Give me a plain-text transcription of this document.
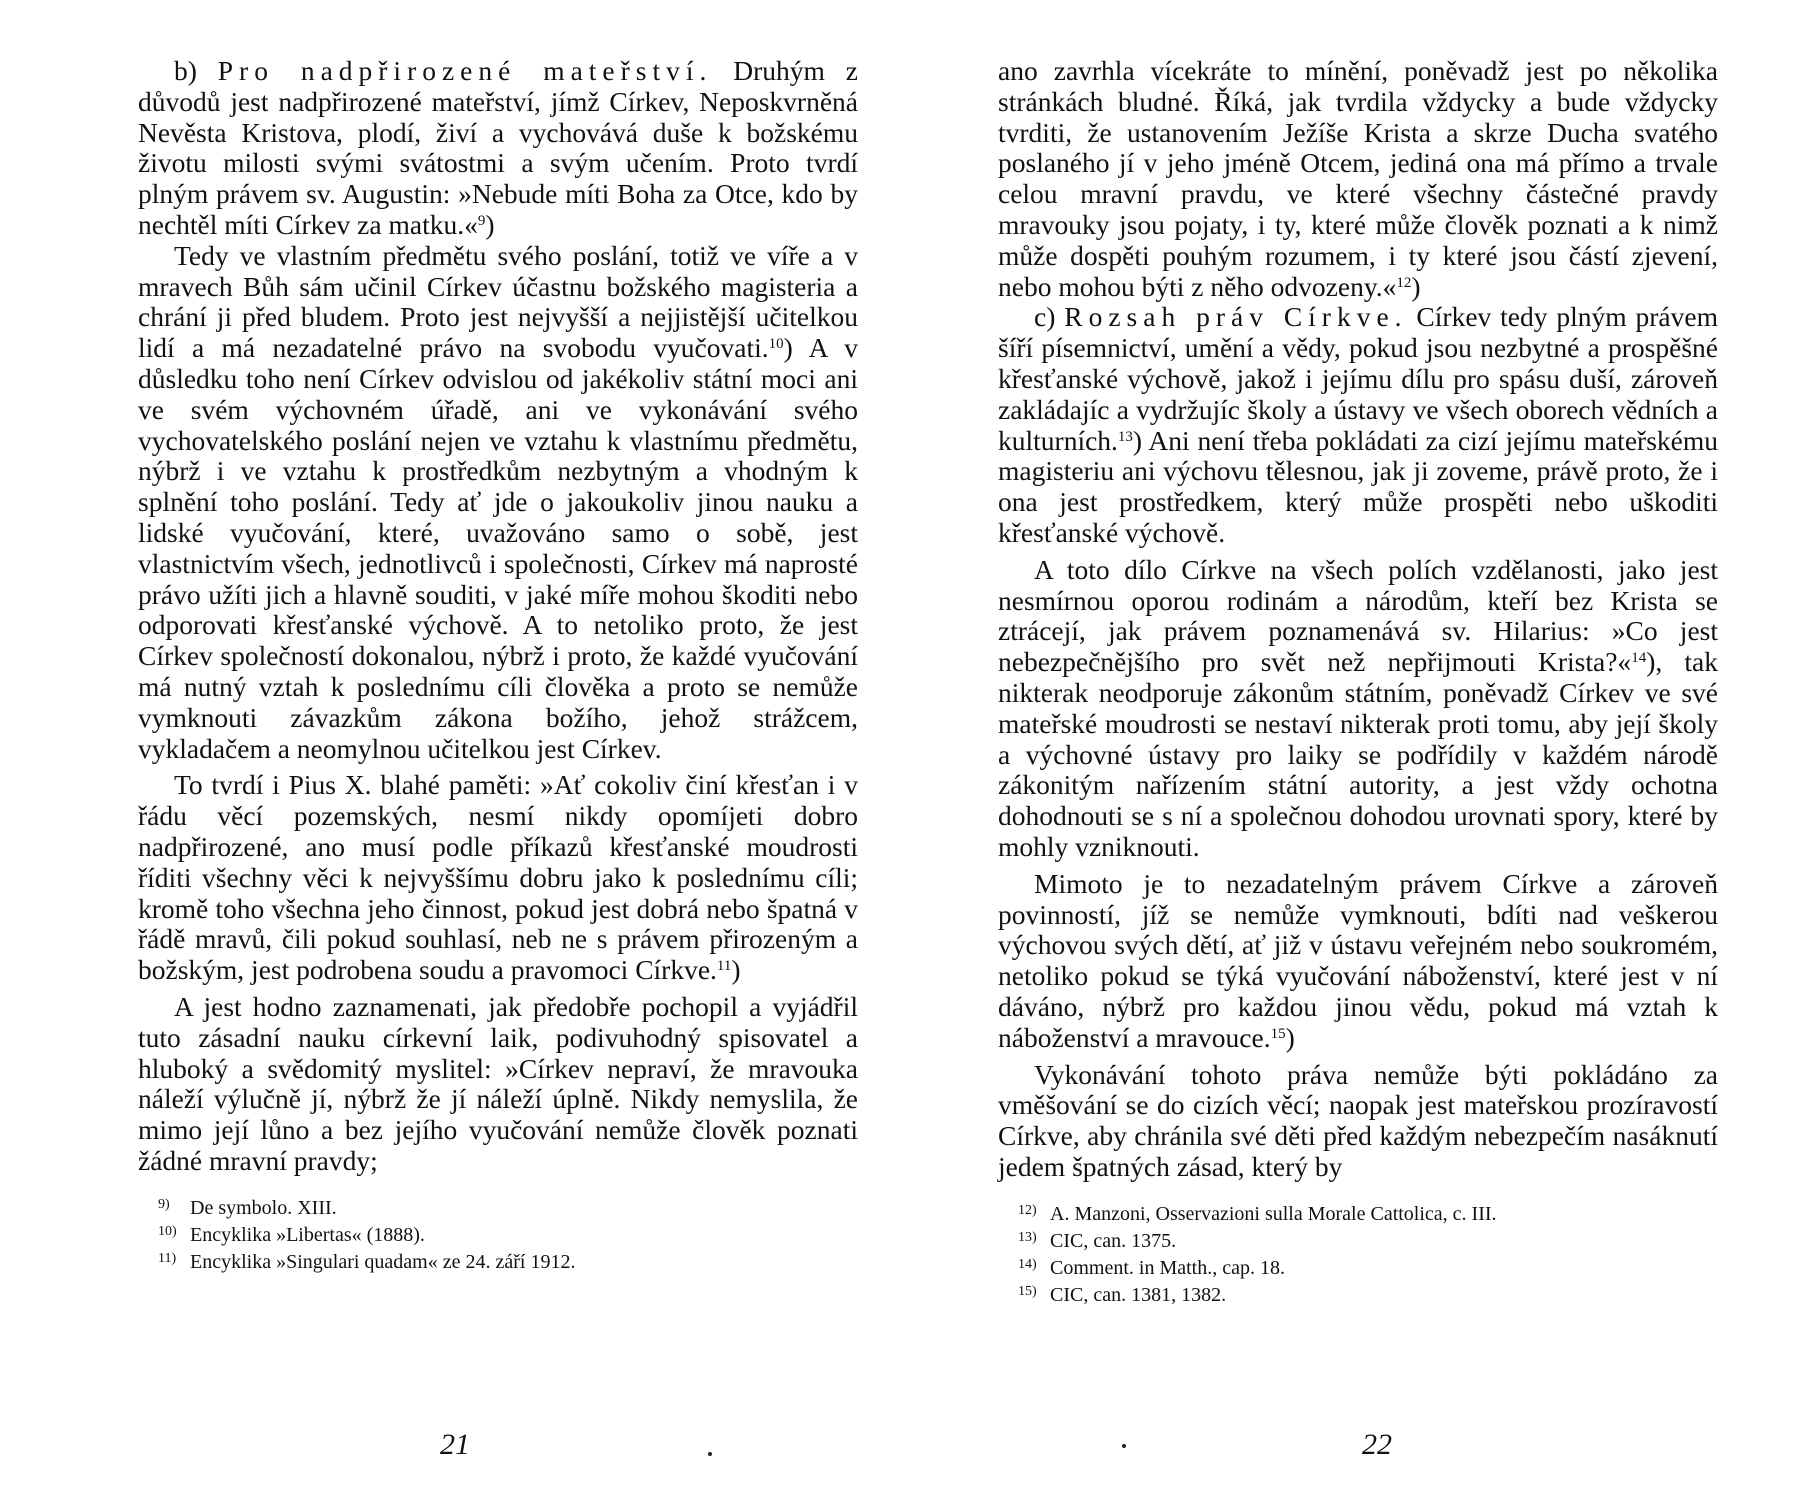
b) Pro nadpřirozené mateřství. Druhým z důvodů jest nadpřirozené mateřství, jímž Církev, Neposkvrněná Nevěsta Kristova, plodí, živí a vychovává duše k božskému životu milosti svými svátostmi a svým učením. Proto tvrdí plným právem sv. Augustin: »Nebude míti Boha za Otce, kdo by nechtěl míti Církev za matku.«$^9$)

Tedy ve vlastním předmětu svého poslání, totiž ve víře a v mravech Bůh sám učinil Církev účastnu božského magisteria a chrání ji před bludem. Proto jest nejvyšší a nejjistější učitelkou lidí a má nezadatelné právo na svobodu vyučovati.$^{10}$) A v důsledku toho není Církev odvislou od jakékoliv státní moci ani ve svém výchovném úřadě, ani ve vykonávání svého vychovatelského poslání nejen ve vztahu k vlastnímu předmětu, nýbrž i ve vztahu k prostředkům nezbytným a vhodným k splnění toho poslání. Tedy ať jde o jakoukoliv jinou nauku a lidské vyučování, které, uvažováno samo o sobě, jest vlastnictvím všech, jednotlivců i společnosti, Církev má naprosté právo užíti jich a hlavně souditi, v jaké míře mohou škoditi nebo odporovati křesťanské výchově. A to netoliko proto, že jest Církev společností dokonalou, nýbrž i proto, že každé vyučování má nutný vztah k poslednímu cíli člověka a proto se nemůže vymknouti závazkům zákona božího, jehož strážcem, vykladačem a neomylnou učitelkou jest Církev.

To tvrdí i Pius X. blahé paměti: »Ať cokoliv činí křesťan i v řádu věcí pozemských, nesmí nikdy opomíjeti dobro nadpřirozené, ano musí podle příkazů křesťanské moudrosti říditi všechny věci k nejvyššímu dobru jako k poslednímu cíli; kromě toho všechna jeho činnost, pokud jest dobrá nebo špatná v řádě mravů, čili pokud souhlasí, neb ne s právem přirozeným a božským, jest podrobena soudu a pravomoci Církve.$^{11}$)

A jest hodno zaznamenati, jak předobře pochopil a vyjádřil tuto zásadní nauku církevní laik, podivuhodný spisovatel a hluboký a svědomitý myslitel: »Církev nepraví, že mravouka náleží výlučně jí, nýbrž že jí náleží úplně. Nikdy nemyslila, že mimo její lůno a bez jejího vyučování nemůže člověk poznati žádné mravní pravdy;

9) De symbolo. XIII.
10) Encyklika »Libertas« (1888).
11) Encyklika »Singulari quadam« ze 24. září 1912.
21

ano zavrhla vícekráte to mínění, poněvadž jest po několika stránkách bludné. Říká, jak tvrdila vždycky a bude vždycky tvrditi, že ustanovením Ježíše Krista a skrze Ducha svatého poslaného jí v jeho jméně Otcem, jediná ona má přímo a trvale celou mravní pravdu, ve které všechny částečné pravdy mravouky jsou pojaty, i ty, které může člověk poznati a k nimž může dospěti pouhým rozumem, i ty které jsou částí zjevení, nebo mohou býti z něho odvozeny.«$^{12}$)

c) Rozsah práv Církve. Církev tedy plným právem šíří písemnictví, umění a vědy, pokud jsou nezbytné a prospěšné křesťanské výchově, jakož i jejímu dílu pro spásu duší, zároveň zakládajíc a vydržujíc školy a ústavy ve všech oborech vědních a kulturních.$^{13}$) Ani není třeba pokládati za cizí jejímu mateřskému magisteriu ani výchovu tělesnou, jak ji zoveme, právě proto, že i ona jest prostředkem, který může prospěti nebo uškoditi křesťanské výchově.

A toto dílo Církve na všech polích vzdělanosti, jako jest nesmírnou oporou rodinám a národům, kteří bez Krista se ztrácejí, jak právem poznamenává sv. Hilarius: »Co jest nebezpečnějšího pro svět než nepřijmouti Krista?«$^{14}$), tak nikterak neodporuje zákonům státním, poněvadž Církev ve své mateřské moudrosti se nestaví nikterak proti tomu, aby její školy a výchovné ústavy pro laiky se podřídily v každém národě zákonitým nařízením státní autority, a jest vždy ochotna dohodnouti se s ní a společnou dohodou urovnati spory, které by mohly vzniknouti.

Mimoto je to nezadatelným právem Církve a zároveň povinností, jíž se nemůže vymknouti, bdíti nad veškerou výchovou svých dětí, ať již v ústavu veřejném nebo soukromém, netoliko pokud se týká vyučování náboženství, které jest v ní dáváno, nýbrž pro každou jinou vědu, pokud má vztah k náboženství a mravouce.$^{15}$)

Vykonávání tohoto práva nemůže býti pokládáno za vměšování se do cizích věcí; naopak jest mateřskou prozíravostí Církve, aby chránila své děti před každým nebezpečím nasáknutí jedem špatných zásad, který by

12) A. Manzoni, Osservazioni sulla Morale Cattolica, c. III.
13) CIC, can. 1375.
14) Comment. in Matth., cap. 18.
15) CIC, can. 1381, 1382.
22
